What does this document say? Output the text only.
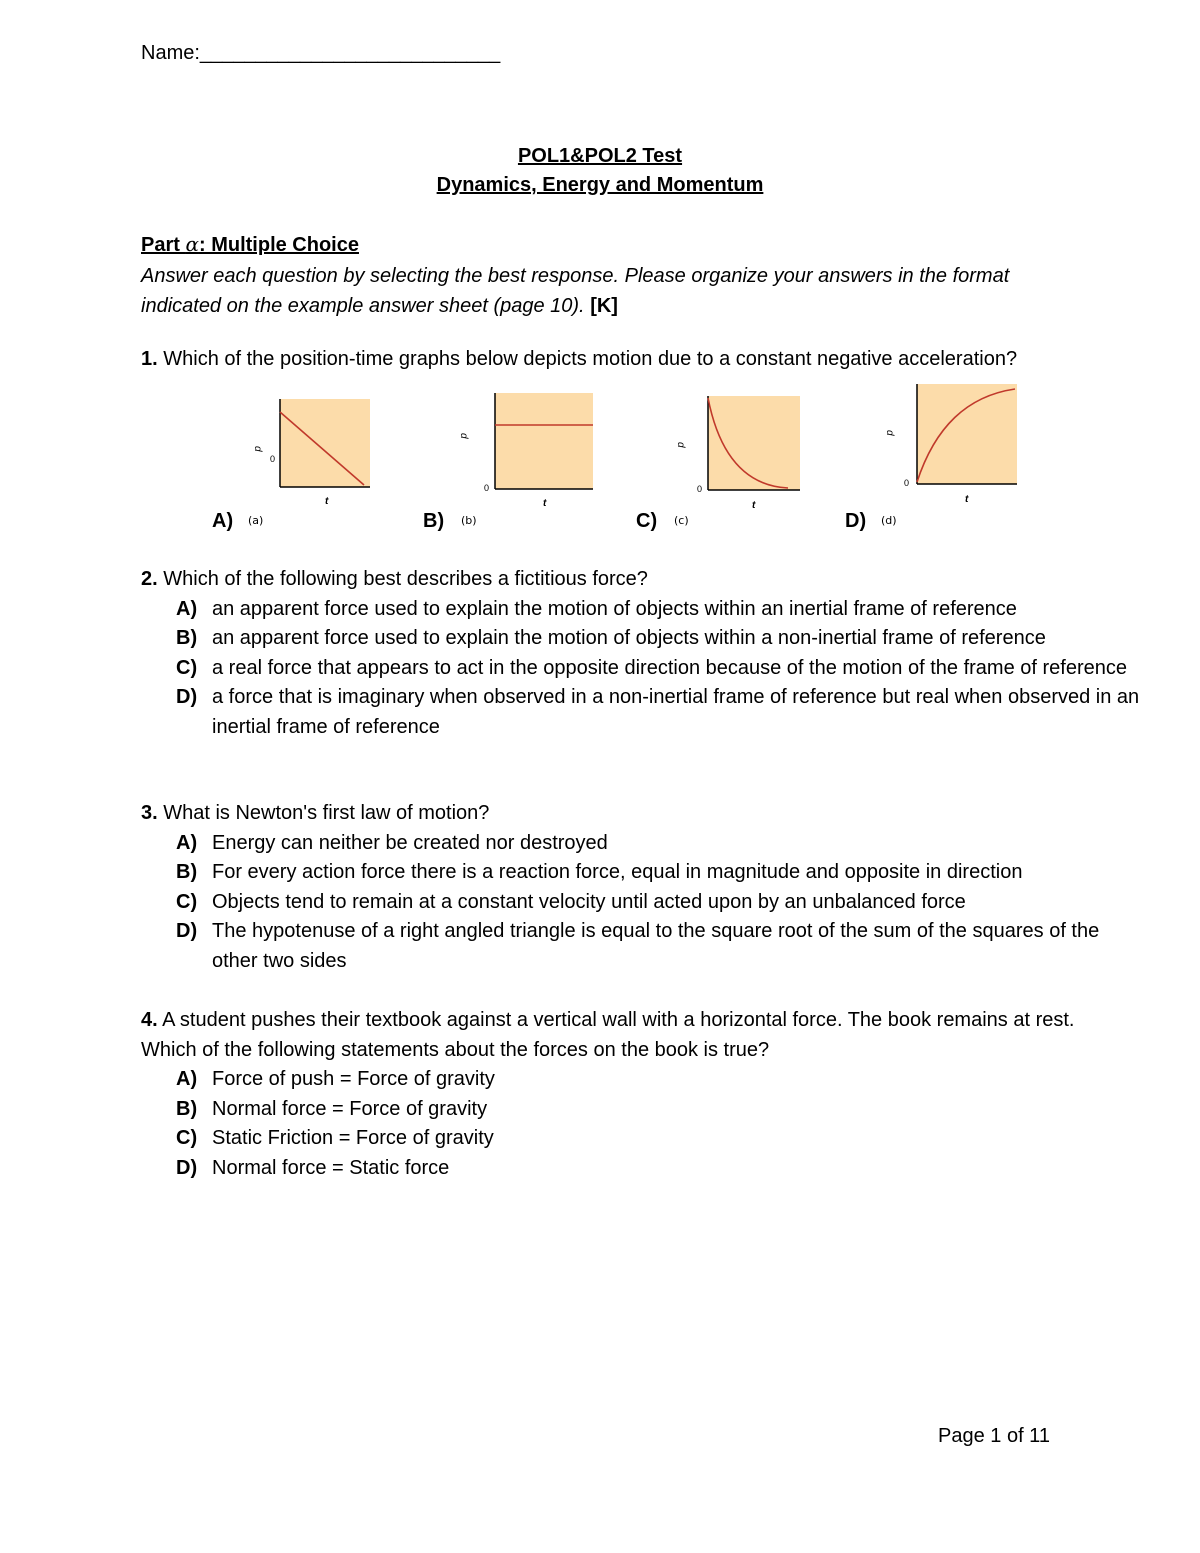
Name:___________________________
POL1&POL2 Test
Dynamics, Energy and Momentum
Part α: Multiple Choice
Answer each question by selecting the best response. Please organize your answers in the format indicated on the example answer sheet (page 10). [K]
1. Which of the position-time graphs below depicts motion due to a constant negative acceleration?
d
0
t
A) (a)
d
0
t
B) (b)
d
0
t
C) (c)
d
0
t
D) (d)
2. Which of the following best describes a fictitious force?
A) an apparent force used to explain the motion of objects within an inertial frame of reference
B) an apparent force used to explain the motion of objects within a non-inertial frame of reference
C) a real force that appears to act in the opposite direction because of the motion of the frame of reference
D) a force that is imaginary when observed in a non-inertial frame of reference but real when observed in an inertial frame of reference
3. What is Newton's first law of motion?
A) Energy can neither be created nor destroyed
B) For every action force there is a reaction force, equal in magnitude and opposite in direction
C) Objects tend to remain at a constant velocity until acted upon by an unbalanced force
D) The hypotenuse of a right angled triangle is equal to the square root of the sum of the squares of the other two sides
4. A student pushes their textbook against a vertical wall with a horizontal force. The book remains at rest. Which of the following statements about the forces on the book is true?
A) Force of push = Force of gravity
B) Normal force = Force of gravity
C) Static Friction = Force of gravity
D) Normal force = Static force
Page 1 of 11
